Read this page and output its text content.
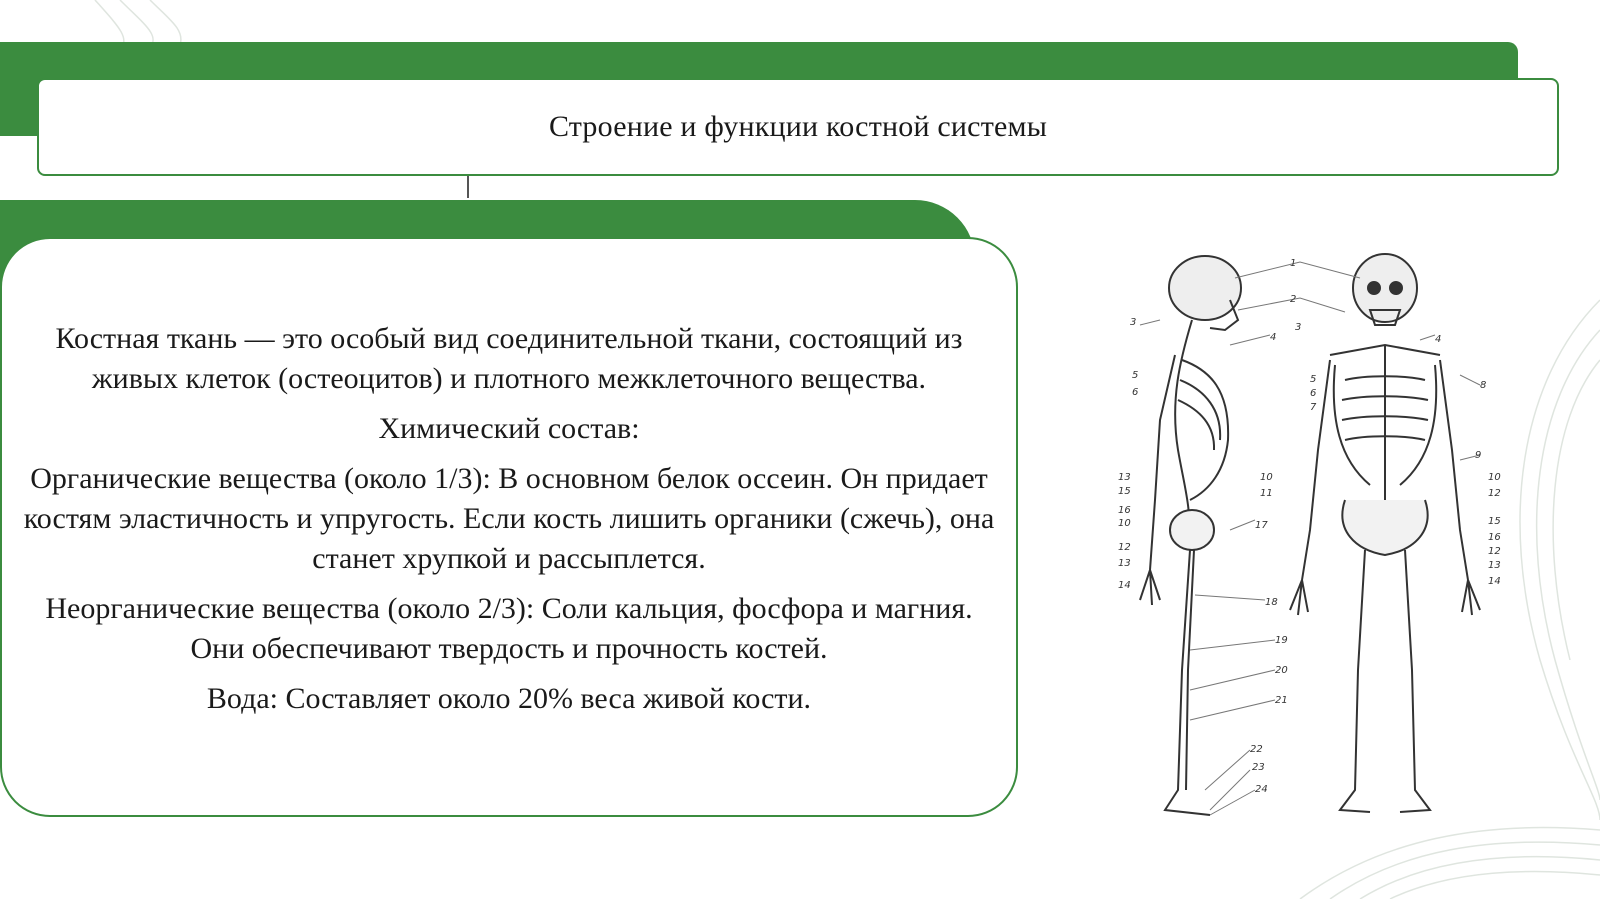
Строение и функции костной системы

Костная ткань — это особый вид соединительной ткани, состоящий из живых клеток (остеоцитов) и плотного межклеточного вещества.

Химический состав:

Органические вещества (около 1/3): В основном белок оссеин. Он придает костям эластичность и упругость. Если кость лишить органики (сжечь), она станет хрупкой и рассыплется.

Неорганические вещества (около 2/3): Соли кальция, фосфора и магния. Они обеспечивают твердость и прочность костей.

Вода: Составляет около 20% веса живой кости.

3
5
6
13
15
16
10
12
13
14
1
2
3
4
5
6
7
10
11
17
18
19
20
21
22
23
24
4
8
9
10
12
15
16
12
13
14
